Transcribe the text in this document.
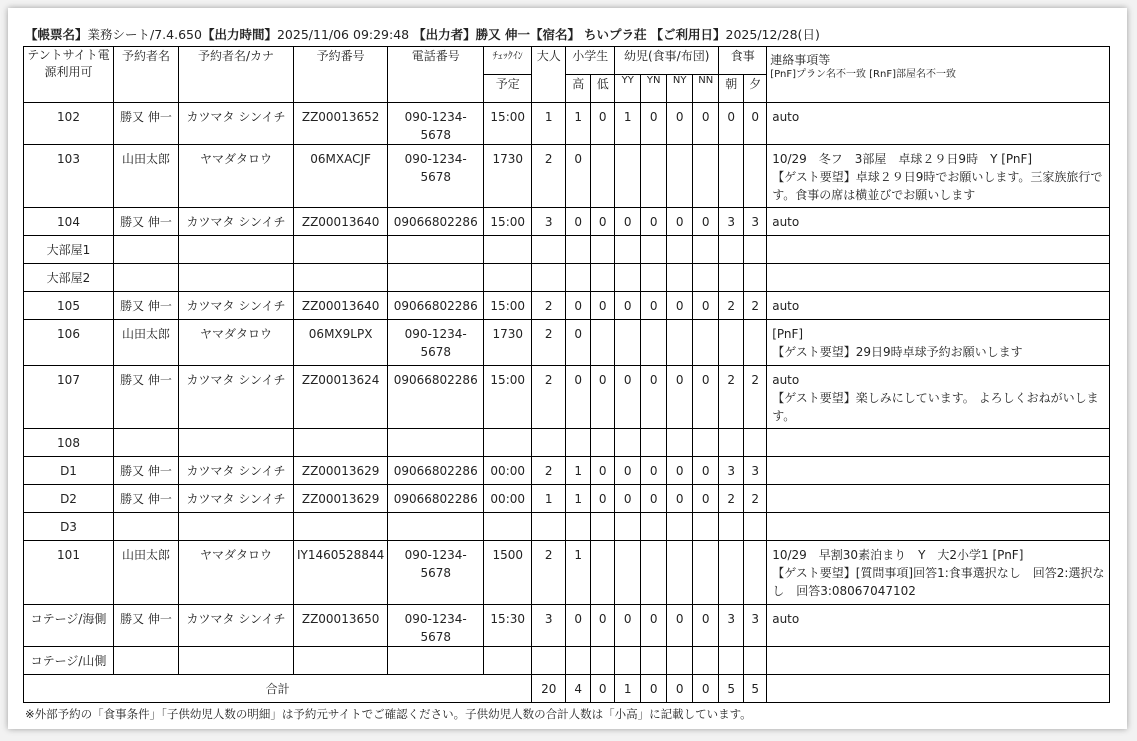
【帳票名】業務シート/7.4.650【出力時間】2025/11/06 09:29:48 【出力者】勝又 伸一【宿名】 ちいプラ荘 【ご利用日】2025/12/28(日)
テントサイト電源利用可	予約者名	予約者名/カナ	予約番号	電話番号	ﾁｪｯｸｲﾝ	大人	小学生		幼児(食事/布団)				食事		連絡事項等
[PnF]プラン名不一致 [RnF]部屋名不一致

					予定		高	低	YY	YN	NY	NN	朝	夕	
102	勝又 伸一	カツマタ シンイチ	ZZ00013652	090-1234-5678	15:00	1	1	0	1	0	0	0	0	0	auto
103	山田太郎	ヤマダタロウ	06MXACJF	090-1234-5678	1730	2	0								10/29　冬フ　3部屋　卓球２９日9時　Y [PnF]
【ゲスト要望】卓球２９日9時でお願いします。三家族旅行です。食事の席は横並びでお願いします
104	勝又 伸一	カツマタ シンイチ	ZZ00013640	09066802286	15:00	3	0	0	0	0	0	0	3	3	auto
大部屋1															
大部屋2															
105	勝又 伸一	カツマタ シンイチ	ZZ00013640	09066802286	15:00	2	0	0	0	0	0	0	2	2	auto
106	山田太郎	ヤマダタロウ	06MX9LPX	090-1234-5678	1730	2	0								[PnF]
【ゲスト要望】29日9時卓球予約お願いします
107	勝又 伸一	カツマタ シンイチ	ZZ00013624	09066802286	15:00	2	0	0	0	0	0	0	2	2	auto
【ゲスト要望】楽しみにしています。 よろしくおねがいします。
108															
D1	勝又 伸一	カツマタ シンイチ	ZZ00013629	09066802286	00:00	2	1	0	0	0	0	0	3	3	
D2	勝又 伸一	カツマタ シンイチ	ZZ00013629	09066802286	00:00	1	1	0	0	0	0	0	2	2	
D3															
101	山田太郎	ヤマダタロウ	IY1460528844	090-1234-5678	1500	2	1								10/29　早割30素泊まり　Y　大2小学1 [PnF]
【ゲスト要望】[質問事項]回答1:食事選択なし　回答2:選択なし　回答3:08067047102
コテージ/海側	勝又 伸一	カツマタ シンイチ	ZZ00013650	090-1234-5678	15:30	3	0	0	0	0	0	0	3	3	auto
コテージ/山側															
合計						20	4	0	1	0	0	0	5	5	
※外部予約の「食事条件」「子供幼児人数の明細」は予約元サイトでご確認ください。子供幼児人数の合計人数は「小高」に記載しています。
